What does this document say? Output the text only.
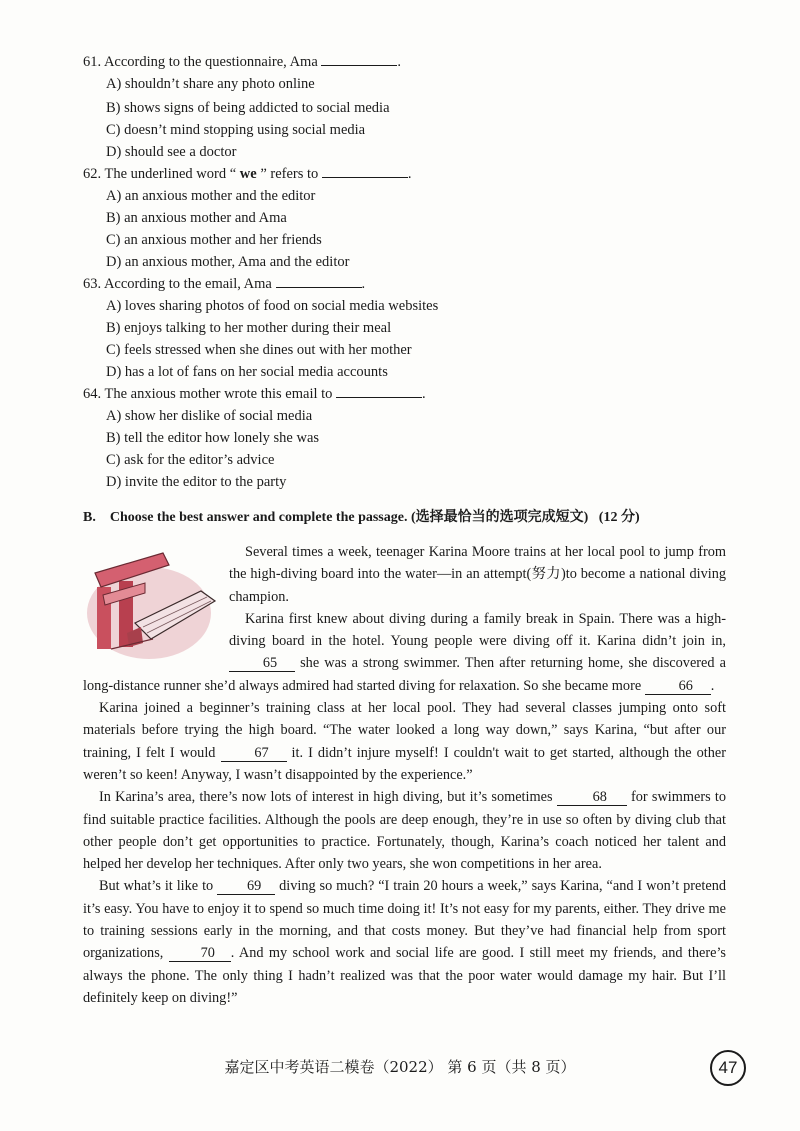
61. According to the questionnaire, Ama	.
A) shouldn’t share any photo online
B) shows signs of being addicted to social media
C) doesn’t mind stopping using social media
D) should see a doctor
62. The underlined word “ we ” refers to	.
A) an anxious mother and the editor
B) an anxious mother and Ama
C) an anxious mother and her friends
D) an anxious mother, Ama and the editor
63. According to the email, Ama	.
A) loves sharing photos of food on social media websites
B) enjoys talking to her mother during their meal
C) feels stressed when she dines out with her mother
D) has a lot of fans on her social media accounts
64. The anxious mother wrote this email to	.
A) show her dislike of social media
B) tell the editor how lonely she was
C) ask for the editor’s advice
D) invite the editor to the party
B. Choose the best answer and complete the passage. (选择最恰当的选项完成短文) (12 分)

Several times a week, teenager Karina Moore trains at her local pool to jump from the high-diving board into the water—in an attempt(努力)to become a national diving champion.

Karina first knew about diving during a family break in Spain. There was a high-diving board in the hotel. Young people were diving off it. Karina didn’t join in, 65 she was a strong swimmer. Then after returning home, she discovered a long-distance runner she’d always admired had started diving for relaxation. So she became more	66 .

Karina joined a beginner’s training class at her local pool. They had several classes jumping onto soft materials before trying the high board. “The water looked a long way down,” says Karina, “but after our training, I felt I would	67 it. I didn’t injure myself! I couldn't wait to get started, although the other weren’t so keen! Anyway, I wasn’t disappointed by the experience.”

In Karina’s area, there’s now lots of interest in high diving, but it’s sometimes	68 for swimmers to find suitable practice facilities. Although the pools are deep enough, they’re in use so often by diving club that other people don’t get opportunities to practice. Fortunately, though, Karina’s coach noticed her talent and helped her develop her techniques. After only two years, she won competitions in her area.

But what’s it like to 69 diving so much? “I train 20 hours a week,” says Karina, “and I won’t pretend it’s easy. You have to enjoy it to spend so much time doing it! It’s not easy for my parents, either. They drive me to training sessions early in the morning, and that costs money. But they’ve had financial help from sport organizations,	70 . And my school work and social life are good. I still meet my friends, and there’s always the phone. The only thing I hadn’t realized was that the poor water would damage my hair. But I’ll definitely keep on diving!”

嘉定区中考英语二模卷（2022） 第 6 页（共 8 页）	47
